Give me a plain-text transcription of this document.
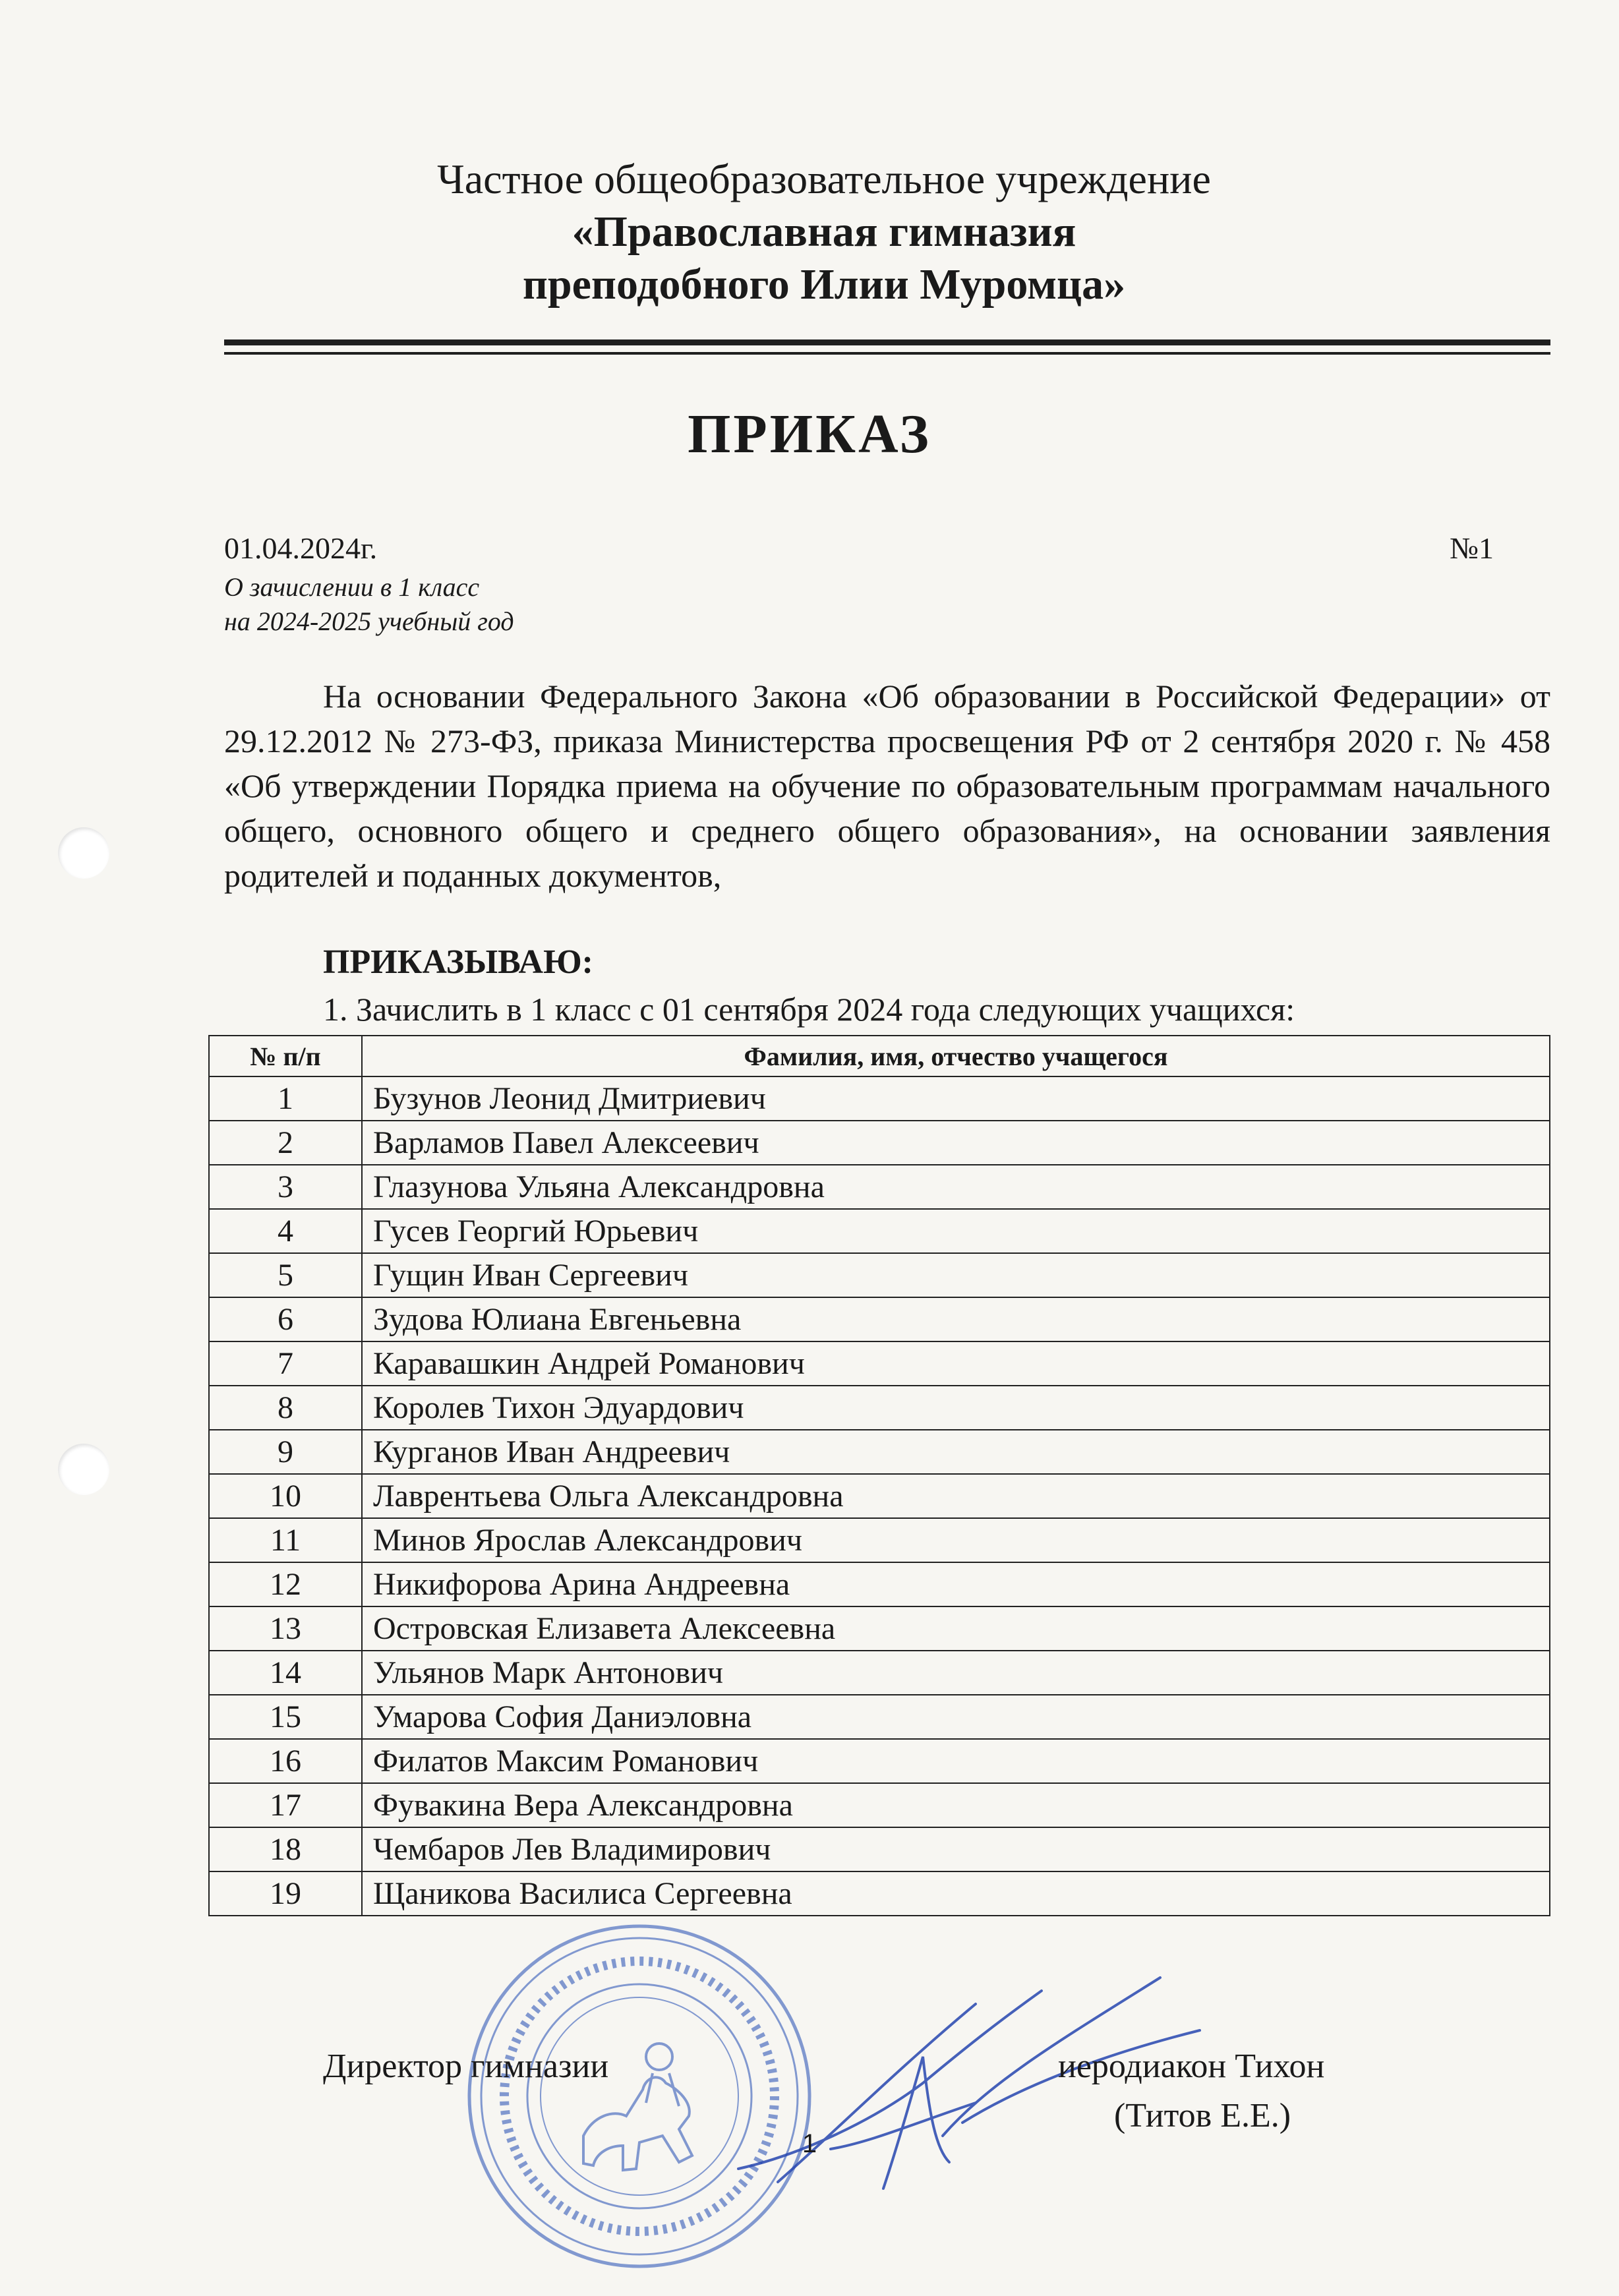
Частное общеобразовательное учреждение
«Православная гимназия
преподобного Илии Муромца»
ПРИКАЗ
01.04.2024г.	№1
О зачислении в 1 класс
на 2024-2025 учебный год
На основании Федерального Закона «Об образовании в Российской Федерации» от 29.12.2012 № 273-ФЗ, приказа Министерства просвещения РФ от 2 сентября 2020 г. № 458 «Об утверждении Порядка приема на обучение по образовательным программам начального общего, основного общего и среднего общего образования», на основании заявления родителей и поданных документов,
ПРИКАЗЫВАЮ:
1. Зачислить в 1 класс с 01 сентября 2024 года следующих учащихся:
№ п/п	Фамилия, имя, отчество учащегося
1	Бузунов Леонид Дмитриевич
2	Варламов Павел Алексеевич
3	Глазунова Ульяна Александровна
4	Гусев Георгий Юрьевич
5	Гущин Иван Сергеевич
6	Зудова Юлиана Евгеньевна
7	Каравашкин Андрей Романович
8	Королев Тихон Эдуардович
9	Курганов Иван Андреевич
10	Лаврентьева Ольга Александровна
11	Минов Ярослав Александрович
12	Никифорова Арина Андреевна
13	Островская Елизавета Алексеевна
14	Ульянов Марк Антонович
15	Умарова София Даниэловна
16	Филатов Максим Романович
17	Фувакина Вера Александровна
18	Чембаров Лев Владимирович
19	Щаникова Василиса Сергеевна
Директор гимназии	иеродиакон Тихон
(Титов Е.Е.)
1
